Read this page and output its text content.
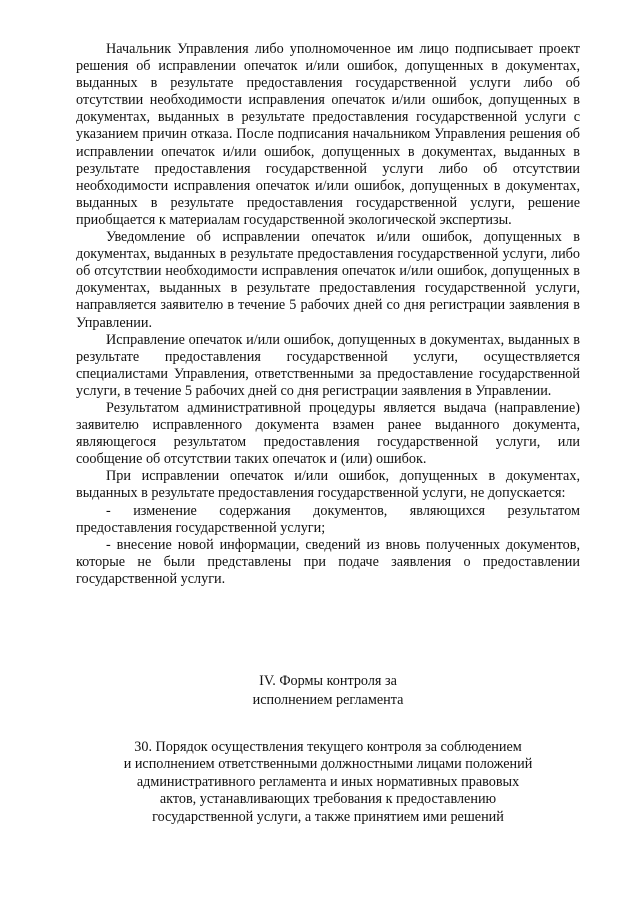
Начальник Управления либо уполномоченное им лицо подписывает проект решения об исправлении опечаток и/или ошибок, допущенных в документах, выданных в результате предоставления государственной услуги либо об отсутствии необходимости исправления опечаток и/или ошибок, допущенных в документах, выданных в результате предоставления государственной услуги с указанием причин отказа. После подписания начальником Управления решения об исправлении опечаток и/или ошибок, допущенных в документах, выданных в результате предоставления государственной услуги либо об отсутствии необходимости исправления опечаток и/или ошибок, допущенных в документах, выданных в результате предоставления государственной услуги, решение приобщается к материалам государственной экологической экспертизы.

Уведомление об исправлении опечаток и/или ошибок, допущенных в документах, выданных в результате предоставления государственной услуги, либо об отсутствии необходимости исправления опечаток и/или ошибок, допущенных в документах, выданных в результате предоставления государственной услуги, направляется заявителю в течение 5 рабочих дней со дня регистрации заявления в Управлении.

Исправление опечаток и/или ошибок, допущенных в документах, выданных в результате предоставления государственной услуги, осуществляется специалистами Управления, ответственными за предоставление государственной услуги, в течение 5 рабочих дней со дня регистрации заявления в Управлении.

Результатом административной процедуры является выдача (направление) заявителю исправленного документа взамен ранее выданного документа, являющегося результатом предоставления государственной услуги, или сообщение об отсутствии таких опечаток и (или) ошибок.

При исправлении опечаток и/или ошибок, допущенных в документах, выданных в результате предоставления государственной услуги, не допускается:

- изменение содержания документов, являющихся результатом предоставления государственной услуги;

- внесение новой информации, сведений из вновь полученных документов, которые не были представлены при подаче заявления о предоставлении государственной услуги.

IV. Формы контроля за
исполнением регламента
30. Порядок осуществления текущего контроля за соблюдением
и исполнением ответственными должностными лицами положений
административного регламента и иных нормативных правовых
актов, устанавливающих требования к предоставлению
государственной услуги, а также принятием ими решений
